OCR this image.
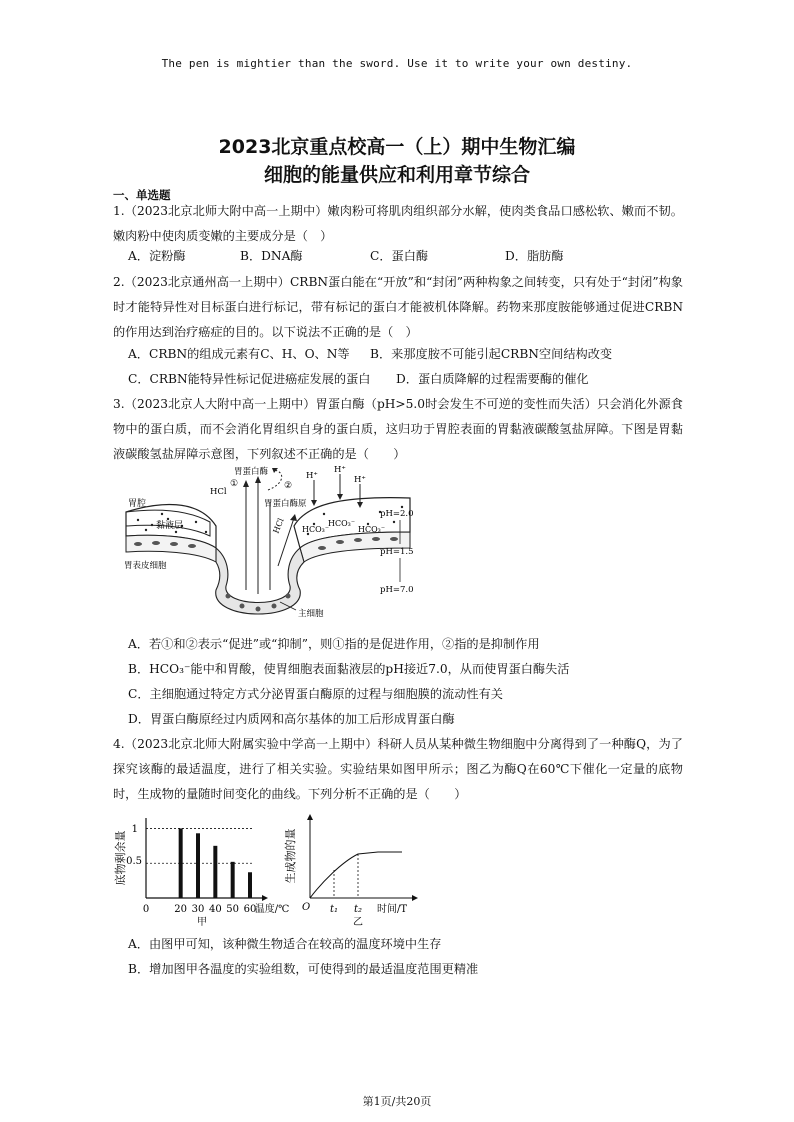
The pen is mightier than the sword. Use it to write your own destiny.
2023北京重点校高一（上）期中生物汇编
细胞的能量供应和利用章节综合
一、单选题
1.（2023北京北师大附中高一上期中）嫩肉粉可将肌肉组织部分水解，使肉类食品口感松软、嫩而不韧。嫩肉粉中使肉质变嫩的主要成分是（　）
A．淀粉酶	B．DNA酶	C．蛋白酶	D．脂肪酶
2.（2023北京通州高一上期中）CRBN蛋白能在“开放”和“封闭”两种构象之间转变，只有处于“封闭”构象时才能特异性对目标蛋白进行标记，带有标记的蛋白才能被机体降解。药物来那度胺能够通过促进CRBN的作用达到治疗癌症的目的。以下说法不正确的是（　）
A．CRBN的组成元素有C、H、O、N等 B．来那度胺不可能引起CRBN空间结构改变
C．CRBN能特异性标记促进癌症发展的蛋白 D．蛋白质降解的过程需要酶的催化
3.（2023北京人大附中高一上期中）胃蛋白酶（pH>5.0时会发生不可逆的变性而失活）只会消化外源食物中的蛋白质，而不会消化胃组织自身的蛋白质，这归功于胃腔表面的胃黏液碳酸氢盐屏障。下图是胃黏液碳酸氢盐屏障示意图，下列叙述不正确的是（　　）
胃蛋白酶
HCl
①	②
胃蛋白酶原
HCl
H⁺
H⁺
H⁺
胃腔
黏液层	HCO₃⁻
HCO₃⁻
HCO₃⁻
pH=2.0
pH=1.5
pH=7.0
胃表皮细胞
主细胞
A．若①和②表示“促进”或“抑制”，则①指的是促进作用，②指的是抑制作用
B．HCO₃⁻能中和胃酸，使胃细胞表面黏液层的pH接近7.0，从而使胃蛋白酶失活
C．主细胞通过特定方式分泌胃蛋白酶原的过程与细胞膜的流动性有关
D．胃蛋白酶原经过内质网和高尔基体的加工后形成胃蛋白酶
4.（2023北京北师大附属实验中学高一上期中）科研人员从某种微生物细胞中分离得到了一种酶Q，为了探究该酶的最适温度，进行了相关实验。实验结果如图甲所示；图乙为酶Q在60℃下催化一定量的底物时，生成物的量随时间变化的曲线。下列分析不正确的是（　　）
底物剩余量
1
0.5
0	温度/℃
甲
20 30 40 50 60
生成物的量
O t₁ t₂ 时间/T
乙
A．由图甲可知，该种微生物适合在较高的温度环境中生存
B．增加图甲各温度的实验组数，可使得到的最适温度范围更精准
第1页/共20页
